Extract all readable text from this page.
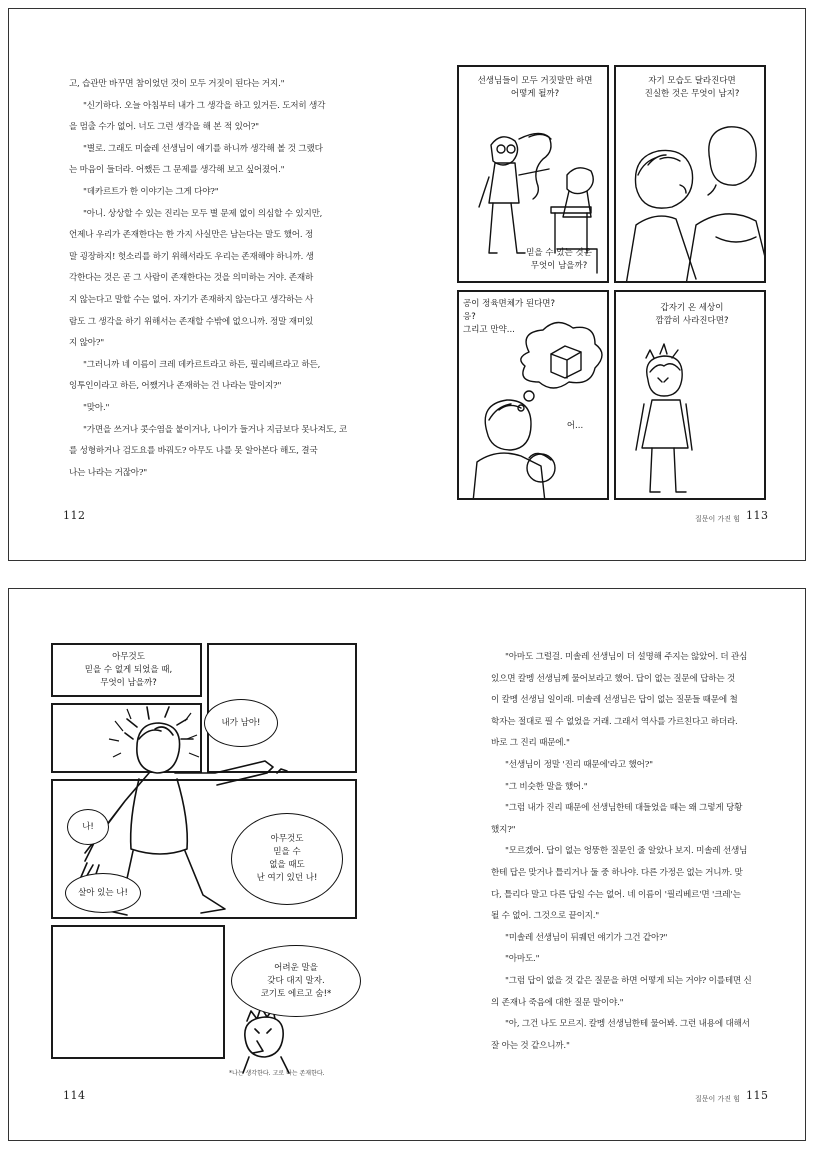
고, 습관만 바꾸면 참이었던 것이 모두 거짓이 된다는 거지."

"신기하다. 오늘 아침부터 내가 그 생각을 하고 있거든. 도저히 생각

을 멈출 수가 없어. 너도 그런 생각을 해 본 적 있어?"

"별로. 그래도 미술레 선생님이 얘기를 하니까 생각해 볼 것 그랬다

는 마음이 들더라. 어쨌든 그 문제를 생각해 보고 싶어졌어."

"데카르트가 한 이야기는 그게 다야?"

"아니. 상상할 수 있는 진리는 모두 별 문제 없이 의심할 수 있지만,

언제나 우리가 존재한다는 한 가지 사실만은 남는다는 말도 했어. 정

말 굉장하지! 헛소리를 하기 위해서라도 우리는 존재해야 하니까. 생

각한다는 것은 곧 그 사람이 존재한다는 것을 의미하는 거야. 존재하

지 않는다고 말할 수는 없어. 자기가 존재하지 않는다고 생각하는 사

람도 그 생각을 하기 위해서는 존재할 수밖에 없으니까. 정말 재미있

지 않아?"

"그러니까 네 이름이 크레 데카르트라고 하든, 필리베르라고 하든,

잉투인이라고 하든, 어쨌거나 존재하는 건 나라는 말이지?"

"맞아."

"가면을 쓰거나 콧수염을 붙이거나, 나이가 들거나 지금보다 못나져도, 코

를 성형하거나 검도요를 바꿔도? 아무도 나를 못 알아본다 해도, 결국

나는 나라는 거잖아?"

112
선생님들이 모두 거짓말만 하면
어떻게 될까?
믿을 수 있는 것은
무엇이 남을까?
자기 모습도 달라진다면
진실한 것은 무엇이 남지?
공이 정육면체가 된다면?
응?
그리고 만약...
어...
갑자기 온 세상이
깜깜히 사라진다면?
질문이 가진 힘 113
아무것도
믿을 수 없게 되었을 때,
무엇이 남을까?
내가 남아!
나!
아무것도
믿을 수
없을 때도
난 여기 있던 나!
살아 있는 나!
어려운 말을
갖다 대지 말자.
코기토 에르고 숨!*
*나는 생각한다. 고로 나는 존재한다.
114

"아마도 그럴걸. 미솔레 선생님이 더 설명해 주지는 않았어. 더 관심

있으면 칼멩 선생님께 물어보라고 했어. 답이 없는 질문에 답하는 것

이 칼멩 선생님 일이래. 미솔레 선생님은 답이 없는 질문들 때문에 철

학자는 절대로 필 수 없었을 거래. 그래서 역사를 가르친다고 하더라.

바로 그 진리 때문에."

"선생님이 정말 '진리 때문에'라고 했어?"

"그 비슷한 말을 했어."

"그럼 내가 진리 때문에 선생님한테 대들었을 때는 왜 그렇게 당황

했지?"

"모르겠어. 답이 없는 엉뚱한 질문인 줄 알았나 보지. 미솔레 선생님

한테 답은 맞거나 틀리거나 둘 중 하나야. 다른 가정은 없는 거니까. 맞

다, 틀리다 말고 다른 답일 수는 없어. 네 이름이 '필리베르'면 '크레'는

될 수 없어. 그것으로 끝이지."

"미솔레 선생님이 뒤퀘던 얘기가 그건 같아?"

"아마도."

"그럼 답이 없을 것 같은 질문을 하면 어떻게 되는 거야? 이를테면 신

의 존재나 죽음에 대한 질문 말이야."

"아, 그건 나도 모르지. 칼멩 선생님한테 물어봐. 그런 내용에 대해서

잘 아는 것 같으니까."

질문이 가진 힘 115
